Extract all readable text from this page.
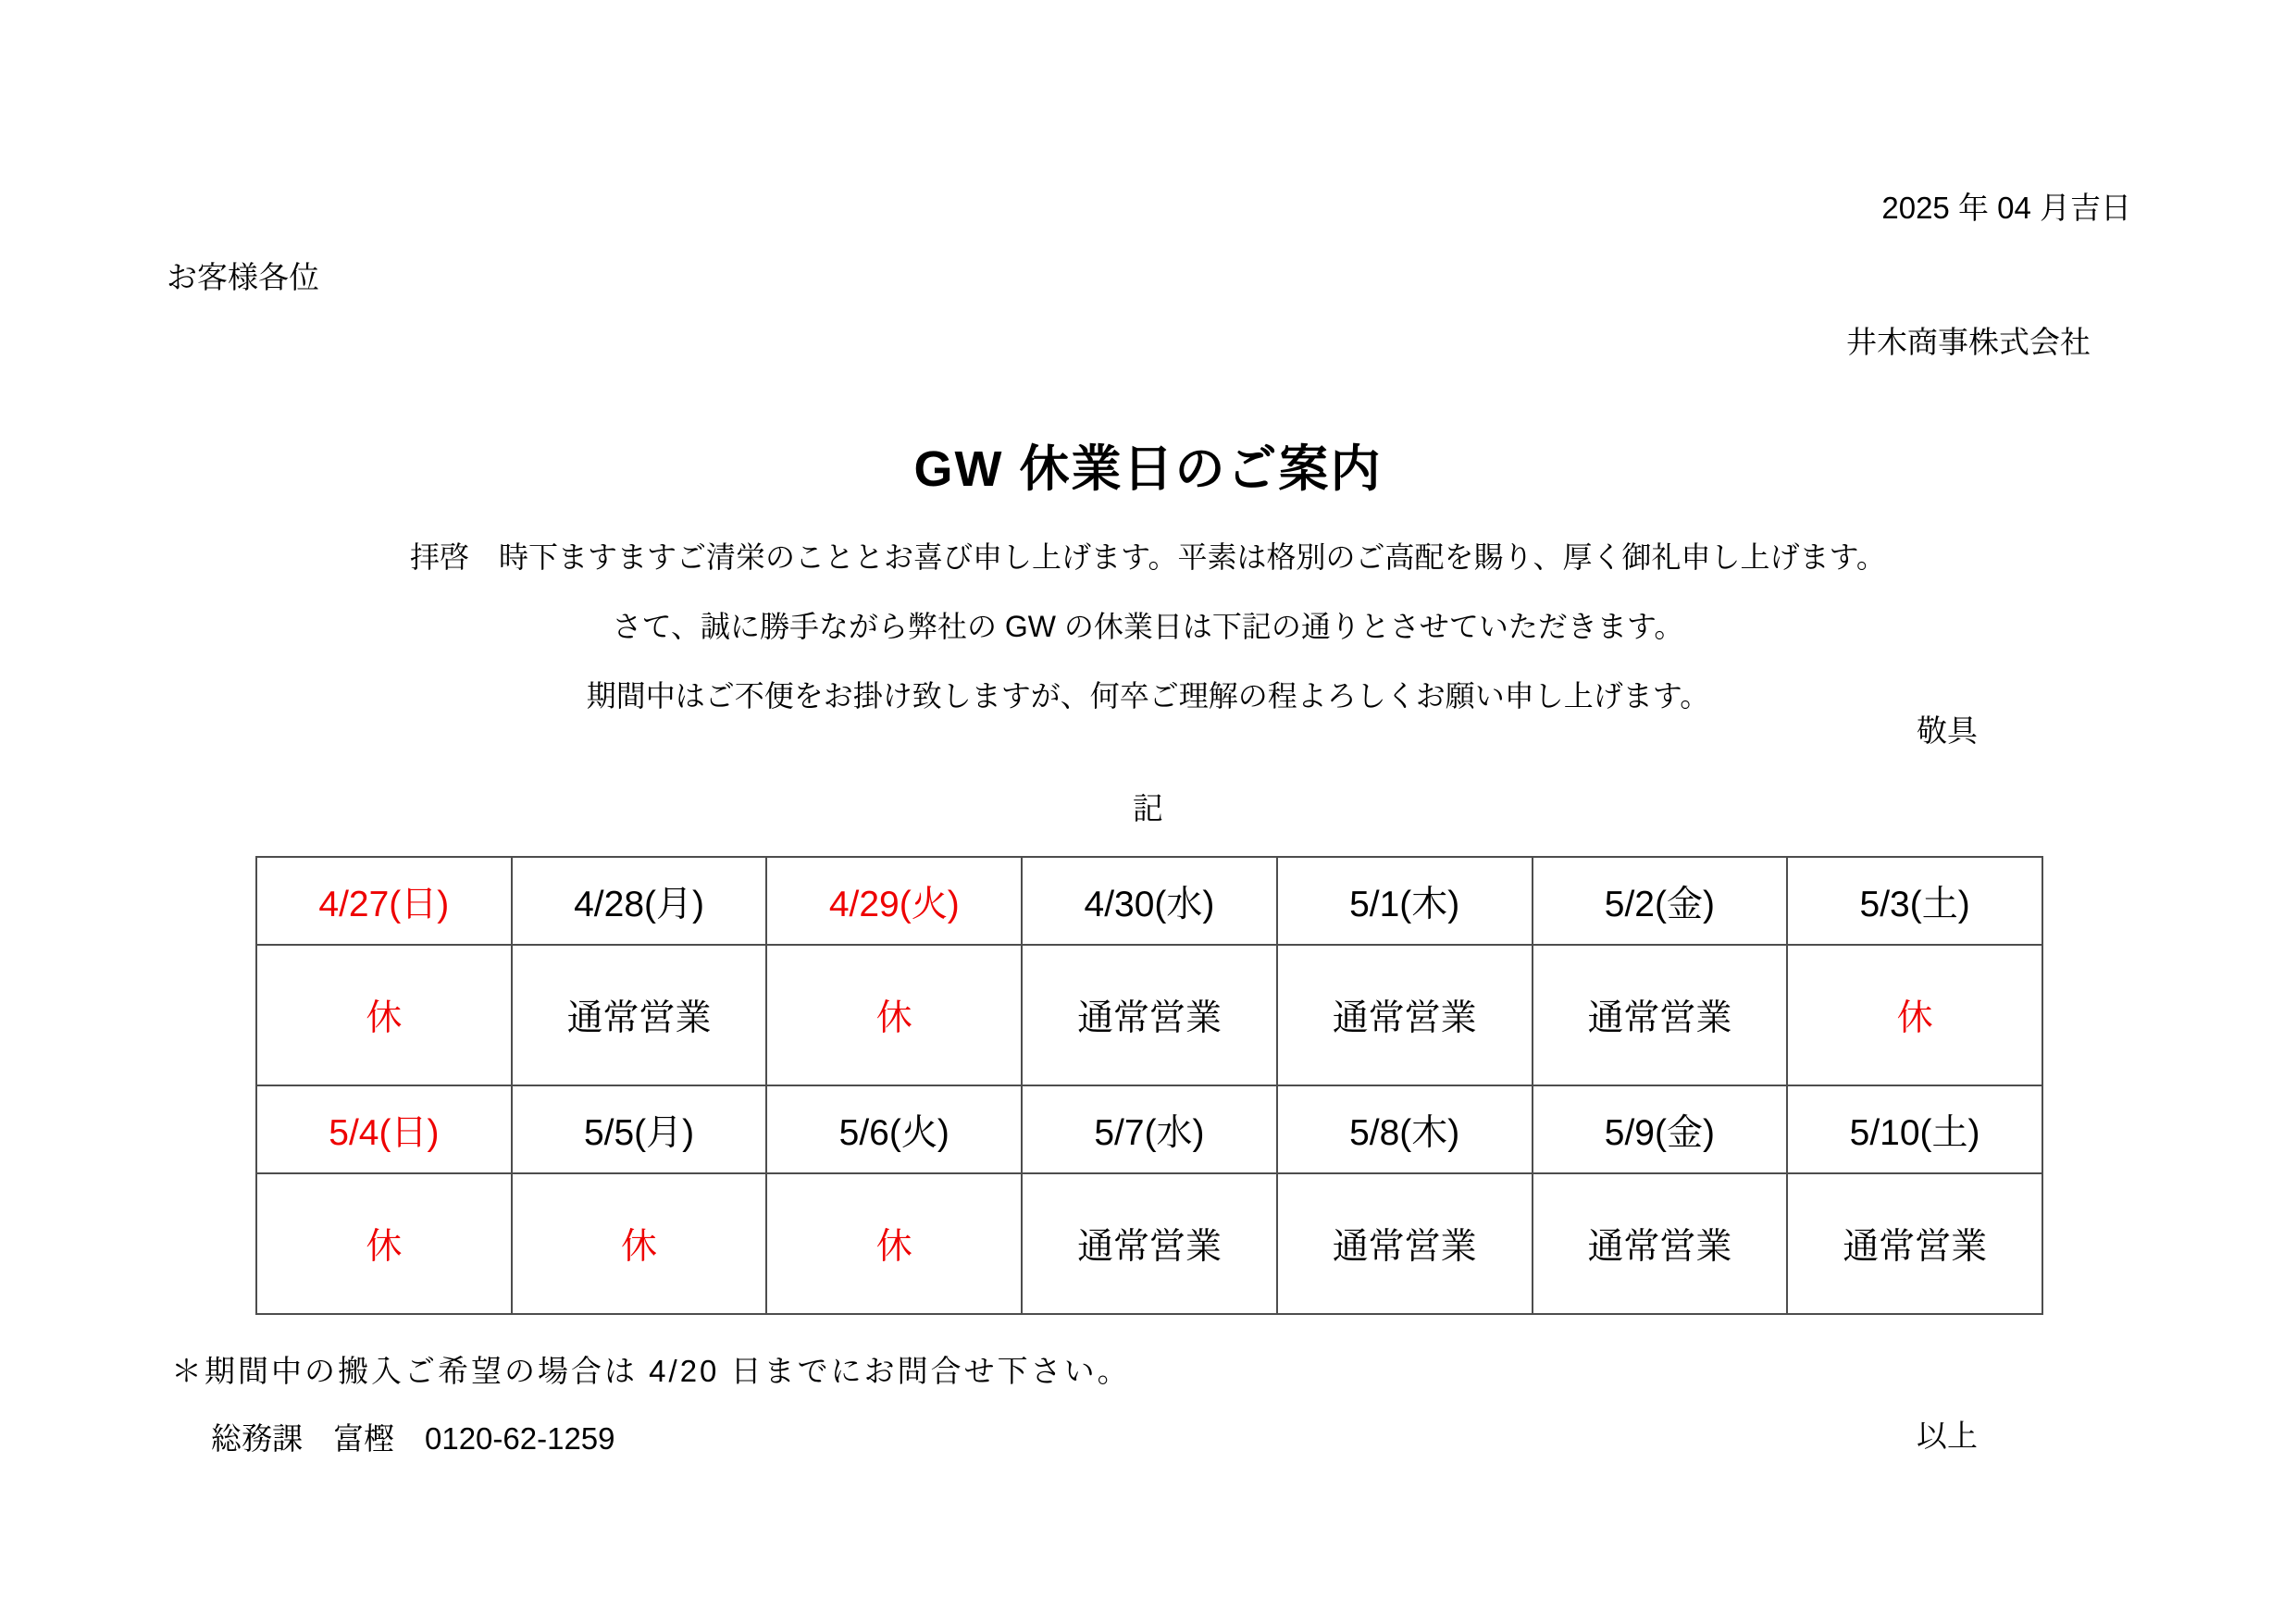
2025 年 04 月吉日
お客様各位
井木商事株式会社
GW 休業日のご案内

拝啓　時下ますますご清栄のこととお喜び申し上げます。平素は格別のご高配を賜り、厚く御礼申し上げます。

さて、誠に勝手ながら弊社の GW の休業日は下記の通りとさせていただきます。

期間中はご不便をお掛け致しますが、何卒ご理解の程よろしくお願い申し上げます。

敬具
記
4/27(日)	4/28(月)	4/29(火)	4/30(水)	5/1(木)	5/2(金)	5/3(土)
休	通常営業	休	通常営業	通常営業	通常営業	休
5/4(日)	5/5(月)	5/6(火)	5/7(水)	5/8(木)	5/9(金)	5/10(土)
休	休	休	通常営業	通常営業	通常営業	通常営業
＊期間中の搬入ご希望の場合は 4/20 日までにお問合せ下さい。
総務課　富樫　0120-62-1259	以上
